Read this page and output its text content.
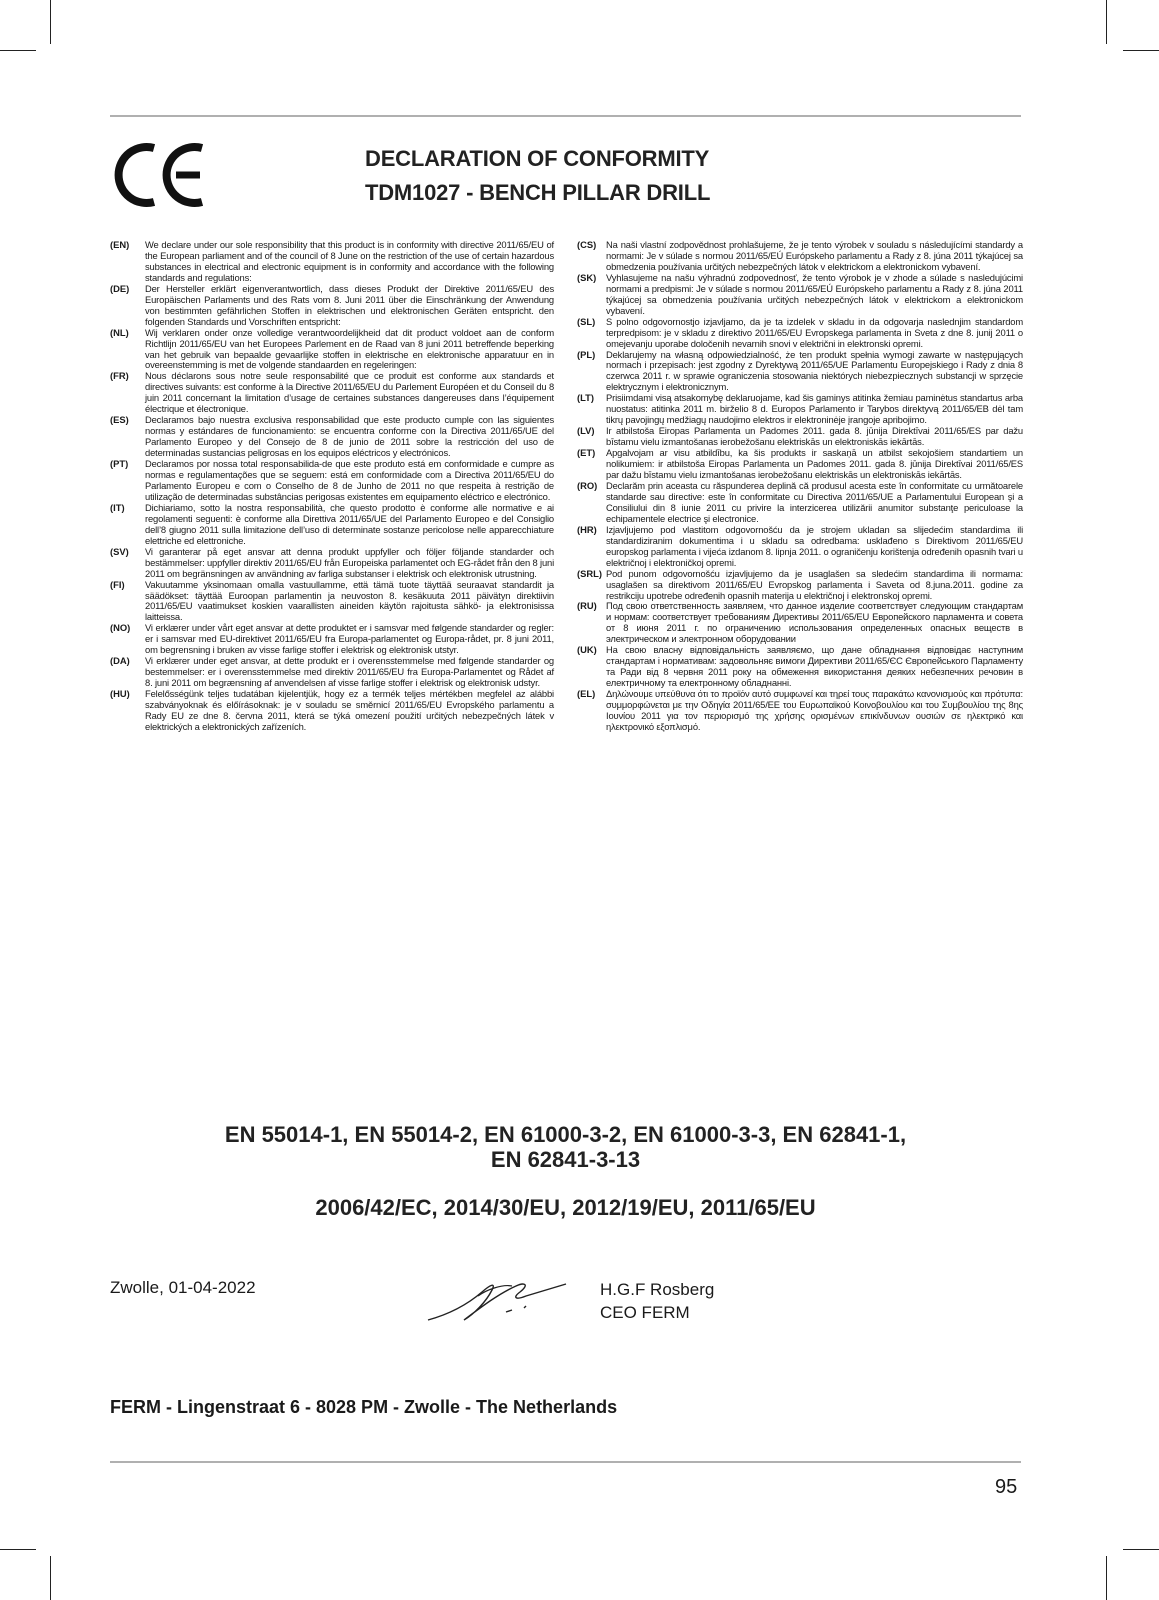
DECLARATION OF CONFORMITY
TDM1027 - BENCH PILLAR DRILL
(EN)	We declare under our sole responsibility that this product is in conformity with directive 2011/65/EU of the European parliament and of the council of 8 June on the restriction of the use of certain hazardous substances in electrical and electronic equipment is in conformity and accordance with the following standards and regulations:
(DE)	Der Hersteller erklärt eigenverantwortlich, dass dieses Produkt der Direktive 2011/65/EU des Europäischen Parlaments und des Rats vom 8. Juni 2011 über die Einschränkung der Anwendung von bestimmten gefährlichen Stoffen in elektrischen und elektronischen Geräten entspricht. den folgenden Standards und Vorschriften entspricht:
(NL)	Wij verklaren onder onze volledige verantwoordelijkheid dat dit product voldoet aan de conform Richtlijn 2011/65/EU van het Europees Parlement en de Raad van 8 juni 2011 betreffende beperking van het gebruik van bepaalde gevaarlijke stoffen in elektrische en elektronische apparatuur en in overeenstemming is met de volgende standaarden en regeleringen:
(FR)	Nous déclarons sous notre seule responsabilité que ce produit est conforme aux standards et directives suivants: est conforme à la Directive 2011/65/EU du Parlement Européen et du Conseil du 8 juin 2011 concernant la limitation d’usage de certaines substances dangereuses dans l’équipement électrique et électronique.
(ES)	Declaramos bajo nuestra exclusiva responsabilidad que este producto cumple con las siguientes normas y estándares de funcionamiento: se encuentra conforme con la Directiva 2011/65/UE del Parlamento Europeo y del Consejo de 8 de junio de 2011 sobre la restricción del uso de determinadas sustancias peligrosas en los equipos eléctricos y electrónicos.
(PT)	Declaramos por nossa total responsabilida-de que este produto está em conformidade e cumpre as normas e regulamentações que se seguem: está em conformidade com a Directiva 2011/65/EU do Parlamento Europeu e com o Conselho de 8 de Junho de 2011 no que respeita à restrição de utilização de determinadas substâncias perigosas existentes em equipamento eléctrico e electrónico.
(IT)	Dichiariamo, sotto la nostra responsabilità, che questo prodotto è conforme alle normative e ai regolamenti seguenti: è conforme alla Direttiva 2011/65/UE del Parlamento Europeo e del Consiglio dell’8 giugno 2011 sulla limitazione dell’uso di determinate sostanze pericolose nelle apparecchiature elettriche ed elettroniche.
(SV)	Vi garanterar på eget ansvar att denna produkt uppfyller och följer följande standarder och bestämmelser: uppfyller direktiv 2011/65/EU från Europeiska parlamentet och EG-rådet från den 8 juni 2011 om begränsningen av användning av farliga substanser i elektrisk och elektronisk utrustning.
(FI)	Vakuutamme yksinomaan omalla vastuullamme, että tämä tuote täyttää seuraavat standardit ja säädökset: täyttää Euroopan parlamentin ja neuvoston 8. kesäkuuta 2011 päivätyn direktiivin 2011/65/EU vaatimukset koskien vaarallisten aineiden käytön rajoitusta sähkö- ja elektronisissa laitteissa.
(NO)	Vi erklærer under vårt eget ansvar at dette produktet er i samsvar med følgende standarder og regler: er i samsvar med EU-direktivet 2011/65/EU fra Europa-parlamentet og Europa-rådet, pr. 8 juni 2011, om begrensning i bruken av visse farlige stoffer i elektrisk og elektronisk utstyr.
(DA)	Vi erklærer under eget ansvar, at dette produkt er i overensstemmelse med følgende standarder og bestemmelser: er i overensstemmelse med direktiv 2011/65/EU fra Europa-Parlamentet og Rådet af 8. juni 2011 om begrænsning af anvendelsen af visse farlige stoffer i elektrisk og elektronisk udstyr.
(HU)	Felelősségünk teljes tudatában kijelentjük, hogy ez a termék teljes mértékben megfelel az alábbi szabványoknak és előírásoknak: je v souladu se směrnicí 2011/65/EU Evropského parlamentu a Rady EU ze dne 8. června 2011, která se týká omezení použití určitých nebezpečných látek v elektrických a elektronických zařízeních.
(CS)	Na naši vlastní zodpovědnost prohlašujeme, že je tento výrobek v souladu s následujícími standardy a normami: Je v súlade s normou 2011/65/EÚ Európskeho parlamentu a Rady z 8. júna 2011 týkajúcej sa obmedzenia používania určitých nebezpečných látok v elektrickom a elektronickom vybavení.
(SK)	Vyhlasujeme na našu výhradnú zodpovednosť, že tento výrobok je v zhode a súlade s nasledujúcimi normami a predpismi: Je v súlade s normou 2011/65/EÚ Európskeho parlamentu a Rady z 8. júna 2011 týkajúcej sa obmedzenia používania určitých nebezpečných látok v elektrickom a elektronickom vybavení.
(SL)	S polno odgovornostjo izjavljamo, da je ta izdelek v skladu in da odgovarja naslednjim standardom terpredpisom: je v skladu z direktivo 2011/65/EU Evropskega parlamenta in Sveta z dne 8. junij 2011 o omejevanju uporabe določenih nevarnih snovi v električni in elektronski opremi.
(PL)	Deklarujemy na własną odpowiedzialność, że ten produkt spełnia wymogi zawarte w następujących normach i przepisach: jest zgodny z Dyrektywą 2011/65/UE Parlamentu Europejskiego i Rady z dnia 8 czerwca 2011 r. w sprawie ograniczenia stosowania niektórych niebezpiecznych substancji w sprzęcie elektrycznym i elektronicznym.
(LT)	Prisiimdami visą atsakomybę deklaruojame, kad šis gaminys atitinka žemiau paminėtus standartus arba nuostatus: atitinka 2011 m. birželio 8 d. Europos Parlamento ir Tarybos direktyvą 2011/65/EB dėl tam tikrų pavojingų medžiagų naudojimo elektros ir elektroninėje įrangoje apribojimo.
(LV)	Ir atbilstoša Eiropas Parlamenta un Padomes 2011. gada 8. jūnija Direktīvai 2011/65/ES par dažu bīstamu vielu izmantošanas ierobežošanu elektriskās un elektroniskās iekārtās.
(ET)	Apgalvojam ar visu atbildību, ka šis produkts ir saskaņā un atbilst sekojošiem standartiem un nolikumiem: ir atbilstoša Eiropas Parlamenta un Padomes 2011. gada 8. jūnija Direktīvai 2011/65/ES par dažu bīstamu vielu izmantošanas ierobežošanu elektriskās un elektroniskās iekārtās.
(RO) Declarăm prin aceasta cu răspunderea deplină că produsul acesta este în conformitate cu următoarele standarde sau directive: este în conformitate cu Directiva 2011/65/UE a Parlamentului European şi a Consiliului din 8 iunie 2011 cu privire la interzicerea utilizării anumitor substanţe periculoase la echipamentele electrice şi electronice.
(HR) Izjavljujemo pod vlastitom odgovornošću da je strojem ukladan sa slijedećim standardima ili standardiziranim dokumentima i u skladu sa odredbama: usklađeno s Direktivom 2011/65/EU europskog parlamenta i vijeća izdanom 8. lipnja 2011. o ograničenju korištenja određenih opasnih tvari u električnoj i elektroničkoj opremi.
(SRL) Pod punom odgovornošću izjavljujemo da je usaglašen sa sledećim standardima ili normama: usaglašen sa direktivom 2011/65/EU Evropskog parlamenta i Saveta od 8.juna.2011. godine za restrikciju upotrebe određenih opasnih materija u električnoj i elektronskoj opremi.
(RU) Под свою ответственность заявляем, что данное изделие соответствует следующим стандартам и нормам: соответствует требованиям Директивы 2011/65/EU Европейского парламента и совета от 8 июня 2011 г. по ограничению использования определенных опасных веществ в электрическом и электронном оборудовании
(UK) На свою власну відповідальність заявляємо, що дане обладнання відповідає наступним стандартам і нормативам: задовольняє вимоги Директиви 2011/65/ЄС Європейського Парламенту та Ради від 8 червня 2011 року на обмеження використання деяких небезпечних речовин в електричному та електронному обладнанні.
(EL)	Δηλώνουμε υπεύθυνα ότι το προϊόν αυτό συμφωνεί και τηρεί τους παρακάτω κανονισμούς και πρότυπα: συμμορφώνεται με την Οδηγία 2011/65/ΕΕ του Ευρωπαϊκού Κοινοβουλίου και του Συμβουλίου της 8ης Ιουνίου 2011 για τον περιορισμό της χρήσης ορισμένων επικίνδυνων ουσιών σε ηλεκτρικό και ηλεκτρονικό εξοπλισμό.
EN 55014-1, EN 55014-2, EN 61000-3-2, EN 61000-3-3, EN 62841-1,
EN 62841-3-13
2006/42/EC, 2014/30/EU, 2012/19/EU, 2011/65/EU
Zwolle, 01-04-2022	H.G.F Rosberg
CEO FERM
FERM - Lingenstraat 6 - 8028 PM - Zwolle - The Netherlands
95
